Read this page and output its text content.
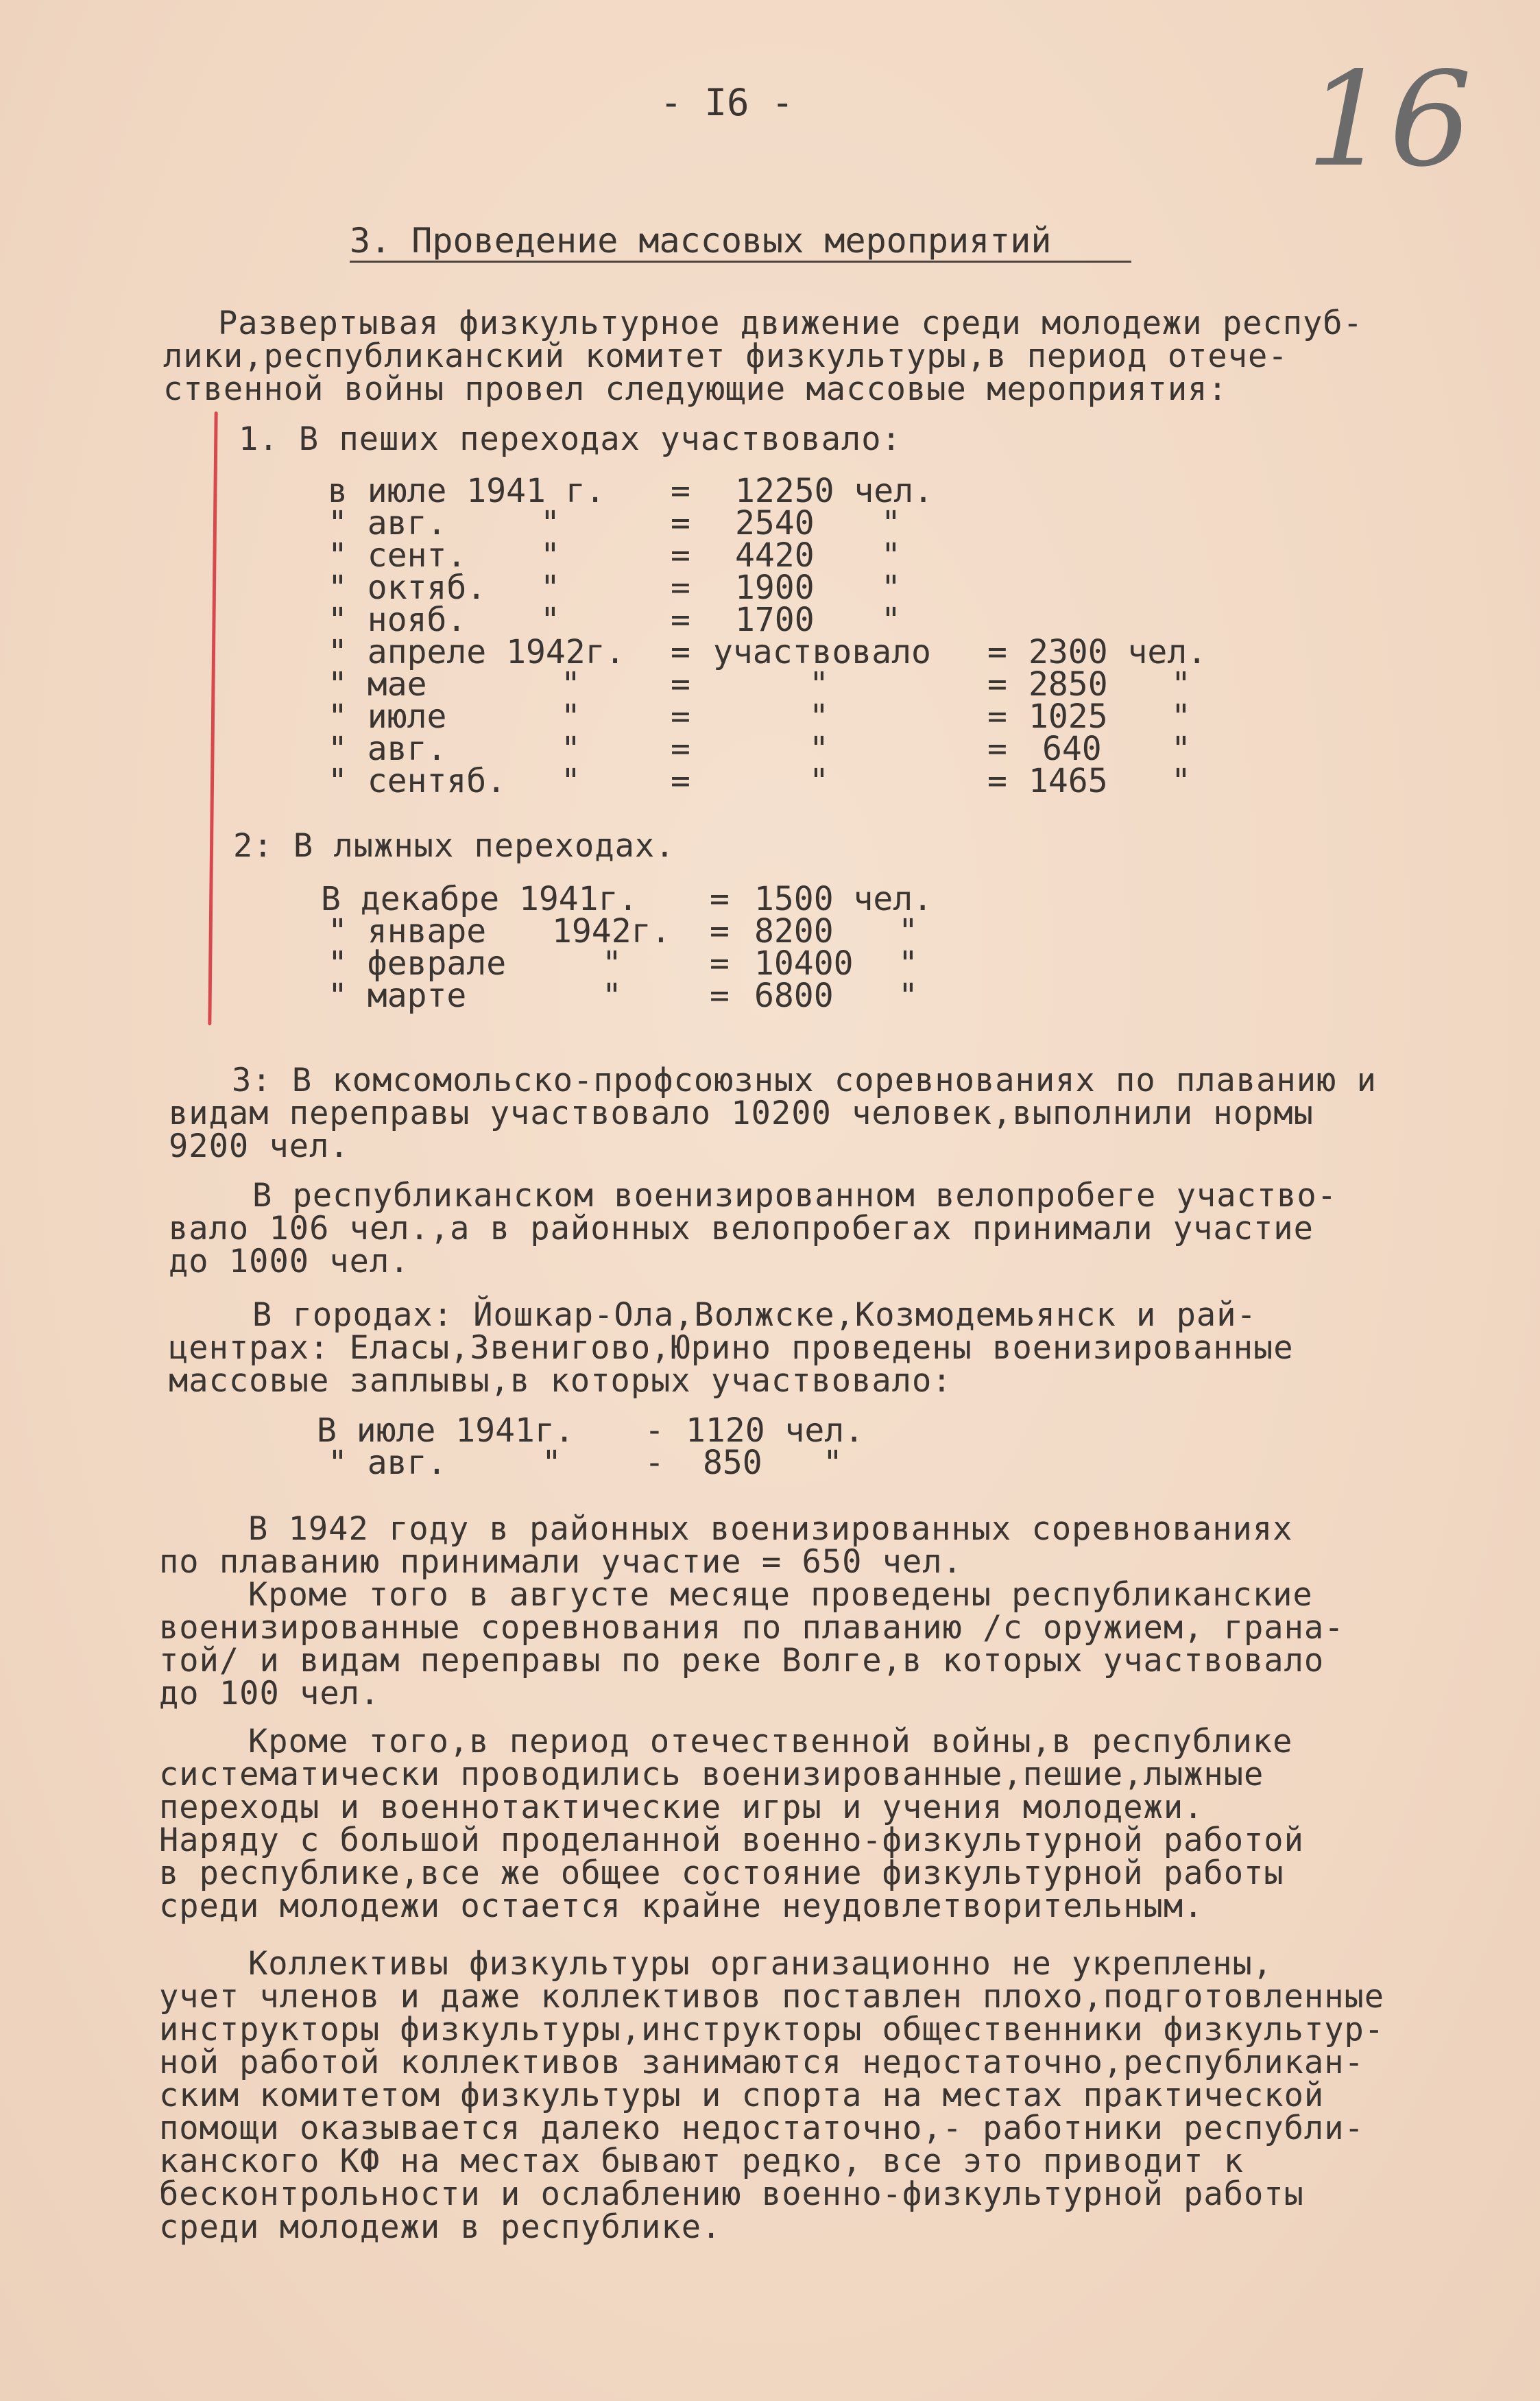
- I6 -	16
3. Проведение массовых мероприятий
Развертывая физкультурное движение среди молодежи респуб-
лики,республиканский комитет физкультуры,в период отече-
ственной войны провел следующие массовые мероприятия:
1. В пеших переходах участвовало:
в июле 1941 г. = 12250 чел.
" авг.	"	= 2540 "
" сент. "	= 4420 "
" октяб. "	= 1900 "
" нояб. "	= 1700 "
" апреле 1942г. = участвовало = 2300 чел.
" мае	"	=	"	= 2850 "
" июле	"	=	"	= 1025 "
" авг.	"	=	"	= 640 "
" сентяб. "	=	"	= 1465 "
2: В лыжных переходах.
В декабре 1941г. = 1500 чел.
" январе 1942г. = 8200 "
" феврале	"	= 10400 "
" марте	"	= 6800 "
3: В комсомольско-профсоюзных соревнованиях по плаванию и
видам переправы участвовало 10200 человек,выполнили нормы
9200 чел.
В республиканском военизированном велопробеге участво-
вало 106 чел.,а в районных велопробегах принимали участие
до 1000 чел.
В городах: Йошкар-Ола,Волжске,Козмодемьянск и рай-
центрах: Еласы,Звенигово,Юрино проведены военизированные
массовые заплывы,в которых участвовало:
В июле 1941г. - 1120 чел.
" авг.	"	- 850 "
В 1942 году в районных военизированных соревнованиях
по плаванию принимали участие = 650 чел.
Кроме того в августе месяце проведены республиканские
военизированные соревнования по плаванию /с оружием, грана-
той/ и видам переправы по реке Волге,в которых участвовало
до 100 чел.
Кроме того,в период отечественной войны,в республике
систематически проводились военизированные,пешие,лыжные
переходы и военнотактические игры и учения молодежи.
Наряду с большой проделанной военно-физкультурной работой
в республике,все же общее состояние физкультурной работы
среди молодежи остается крайне неудовлетворительным.
Коллективы физкультуры организационно не укреплены,
учет членов и даже коллективов поставлен плохо,подготовленные
инструкторы физкультуры,инструкторы общественники физкультур-
ной работой коллективов занимаются недостаточно,республикан-
ским комитетом физкультуры и спорта на местах практической
помощи оказывается далеко недостаточно,- работники республи-
канского КФ на местах бывают редко, все это приводит к
бесконтрольности и ослаблению военно-физкультурной работы
среди молодежи в республике.
